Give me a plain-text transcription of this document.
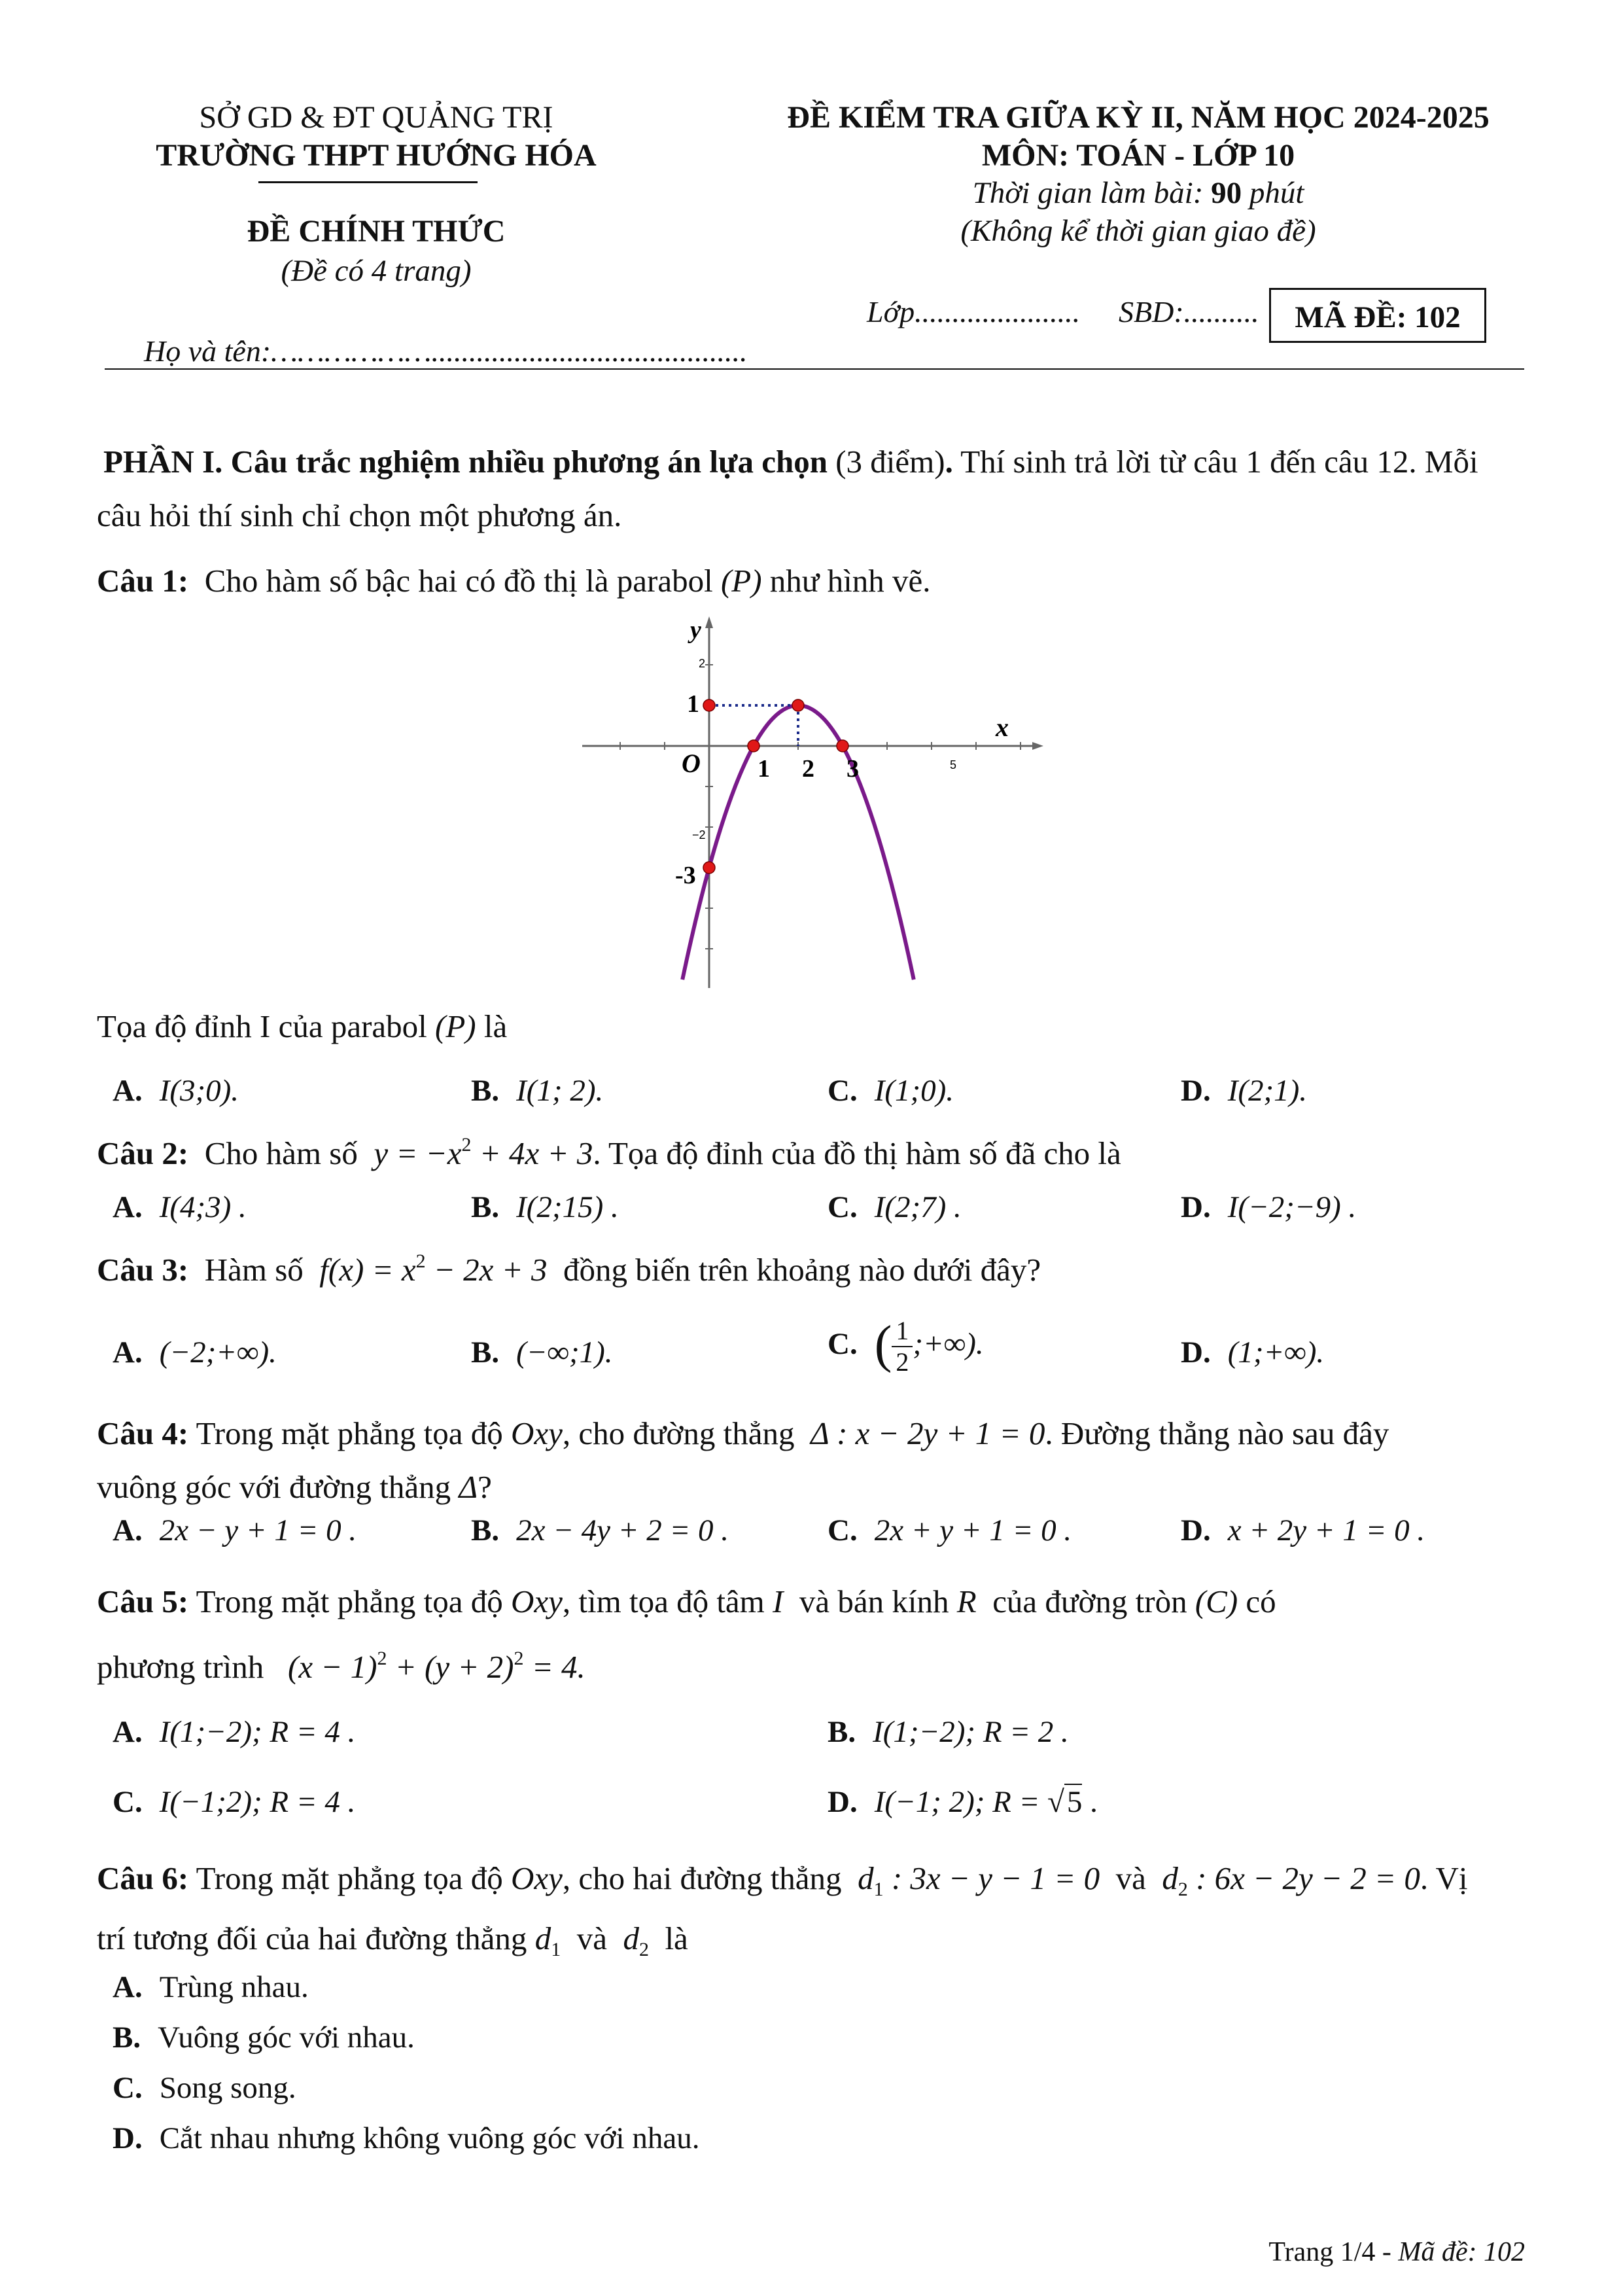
SỞ GD & ĐT QUẢNG TRỊ
TRƯỜNG THPT HƯỚNG HÓA
ĐỀ KIỂM TRA GIỮA KỲ II, NĂM HỌC 2024-2025
MÔN: TOÁN - LỚP 10
Thời gian làm bài: 90 phút
(Không kể thời gian giao đề)
ĐỀ CHÍNH THỨC
(Đề có 4 trang)
Lớp...................... SBD:..........	MÃ ĐỀ: 102
Họ và tên:………………..........................................
PHẦN I. Câu trắc nghiệm nhiều phương án lựa chọn (3 điểm). Thí sinh trả lời từ câu 1 đến câu 12. Mỗi câu hỏi thí sinh chỉ chọn một phương án.
Câu 1: Cho hàm số bậc hai có đồ thị là parabol (P) như hình vẽ.
y
x
O 1 2 3
1
-3
2
5
−2
Tọa độ đỉnh I của parabol (P) là
A. I(3;0).	B. I(1; 2).	C. I(1;0).	D. I(2;1).
Câu 2: Cho hàm số $y = -x^2 + 4x + 3$. Tọa độ đỉnh của đồ thị hàm số đã cho là
A. I(4;3) .	B. I(2;15) .	C. I(2;7) .	D. I(−2;−9) .
Câu 3: Hàm số $f(x) = x^2 - 2x + 3$ đồng biến trên khoảng nào dưới đây?
A. (−2;+∞).	B. (−∞;1).	C. ( $\frac{1}{2}$ ;+∞).	D. (1;+∞).
Câu 4: Trong mặt phẳng tọa độ Oxy, cho đường thẳng Δ : x − 2y + 1 = 0. Đường thẳng nào sau đây
vuông góc với đường thẳng Δ?
A. 2x − y + 1 = 0 .	B. 2x − 4y + 2 = 0 .	C. 2x + y + 1 = 0 .	D. x + 2y + 1 = 0 .
Câu 5: Trong mặt phẳng tọa độ Oxy, tìm tọa độ tâm I và bán kính R của đường tròn (C) có
phương trình $(x - 1)^2 + (y + 2)^2 = 4$.
A. I(1;−2); R = 4 .	B. I(1;−2); R = 2 .
C. I(−1;2); R = 4 .	D. I(−1; 2); R = √5 .
Câu 6: Trong mặt phẳng tọa độ Oxy, cho hai đường thẳng $d_1$ : 3x − y − 1 = 0 và $d_2$ : 6x − 2y − 2 = 0. Vị
trí tương đối của hai đường thẳng $d_1$ và $d_2$ là
A. Trùng nhau.
B. Vuông góc với nhau.
C. Song song.
D. Cắt nhau nhưng không vuông góc với nhau.
Trang 1/4 - Mã đề: 102
